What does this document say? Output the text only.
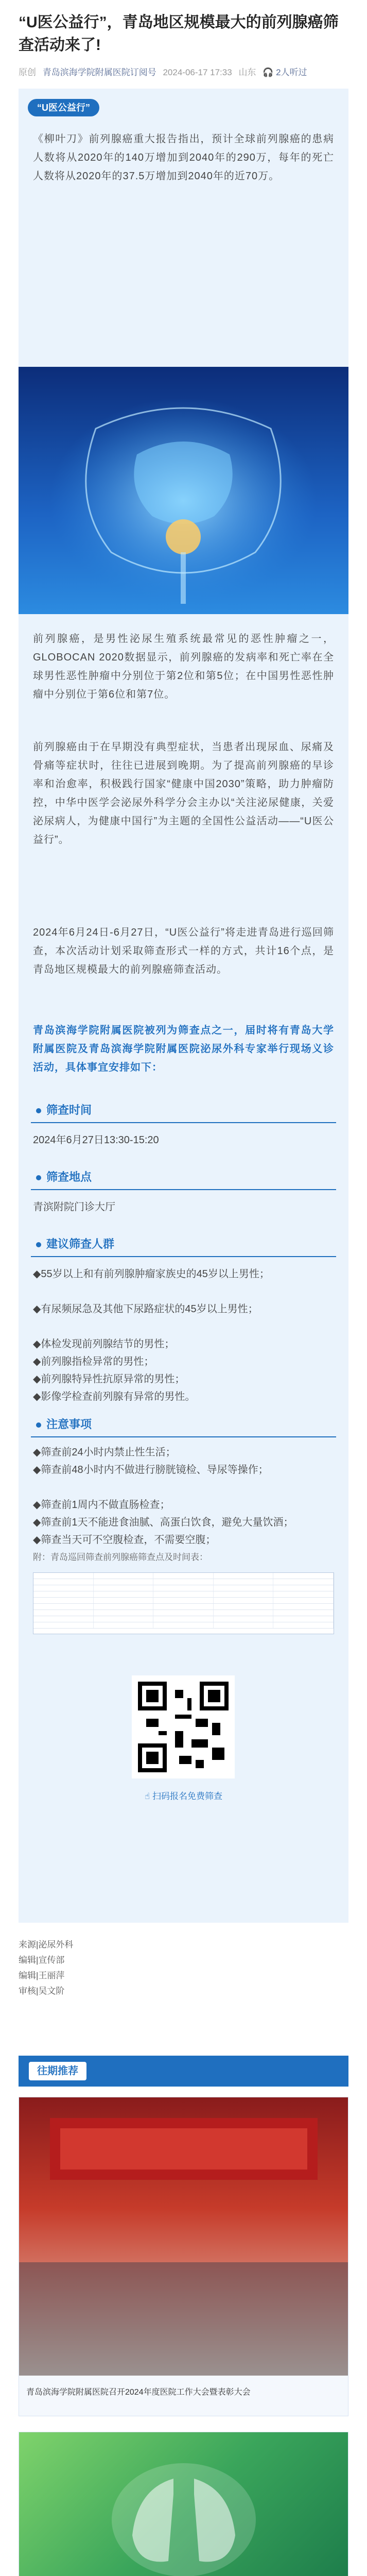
“U医公益行”，青岛地区规模最大的前列腺癌筛查活动来了!
原创 青岛滨海学院附属医院订阅号 2024-06-17 17:33 山东 🎧 2人听过
“U医公益行”
《柳叶刀》前列腺癌重大报告指出，预计全球前列腺癌的患病人数将从2020年的140万增加到2040年的290万，每年的死亡人数将从2020年的37.5万增加到2040年的近70万。
前列腺癌，是男性泌尿生殖系统最常见的恶性肿瘤之一，GLOBOCAN 2020数据显示，前列腺癌的发病率和死亡率在全球男性恶性肿瘤中分别位于第2位和第5位；在中国男性恶性肿瘤中分别位于第6位和第7位。
前列腺癌由于在早期没有典型症状，当患者出现尿血、尿痛及骨痛等症状时，往往已进展到晚期。为了提高前列腺癌的早诊率和治愈率，积极践行国家“健康中国2030”策略，助力肿瘤防控，中华中医学会泌尿外科学分会主办以“关注泌尿健康，关爱泌尿病人，为健康中国行”为主题的全国性公益活动——“U医公益行”。
2024年6月24日-6月27日，“U医公益行”将走进青岛进行巡回筛查，本次活动计划采取筛查形式一样的方式，共计16个点，是青岛地区规模最大的前列腺癌筛查活动。
青岛滨海学院附属医院被列为筛查点之一，届时将有青岛大学附属医院及青岛滨海学院附属医院泌尿外科专家举行现场义诊活动，具体事宜安排如下：
筛查时间
2024年6月27日13:30-15:20
筛查地点
青滨附院门诊大厅
建议筛查人群
◆55岁以上和有前列腺肿瘤家族史的45岁以上男性；
◆有尿频尿急及其他下尿路症状的45岁以上男性；
◆体检发现前列腺结节的男性；
◆前列腺指检异常的男性；
◆前列腺特异性抗原异常的男性；
◆影像学检查前列腺有异常的男性。
注意事项
◆筛查前24小时内禁止性生活；
◆筛查前48小时内不做进行膀胱镜检、导尿等操作；
◆筛查前1周内不做直肠检查；
◆筛查前1天不能进食油腻、高蛋白饮食，避免大量饮酒；
◆筛查当天可不空腹检查，不需要空腹；
附：青岛巡回筛查前列腺癌筛查点及时间表：
☝ 扫码报名免费筛查
来源|泌尿外科
编辑|宣传部
编辑|王丽萍
审核|吴文阶
往期推荐
青岛滨海学院附属医院召开2024年度医院工作大会暨表彰大会
